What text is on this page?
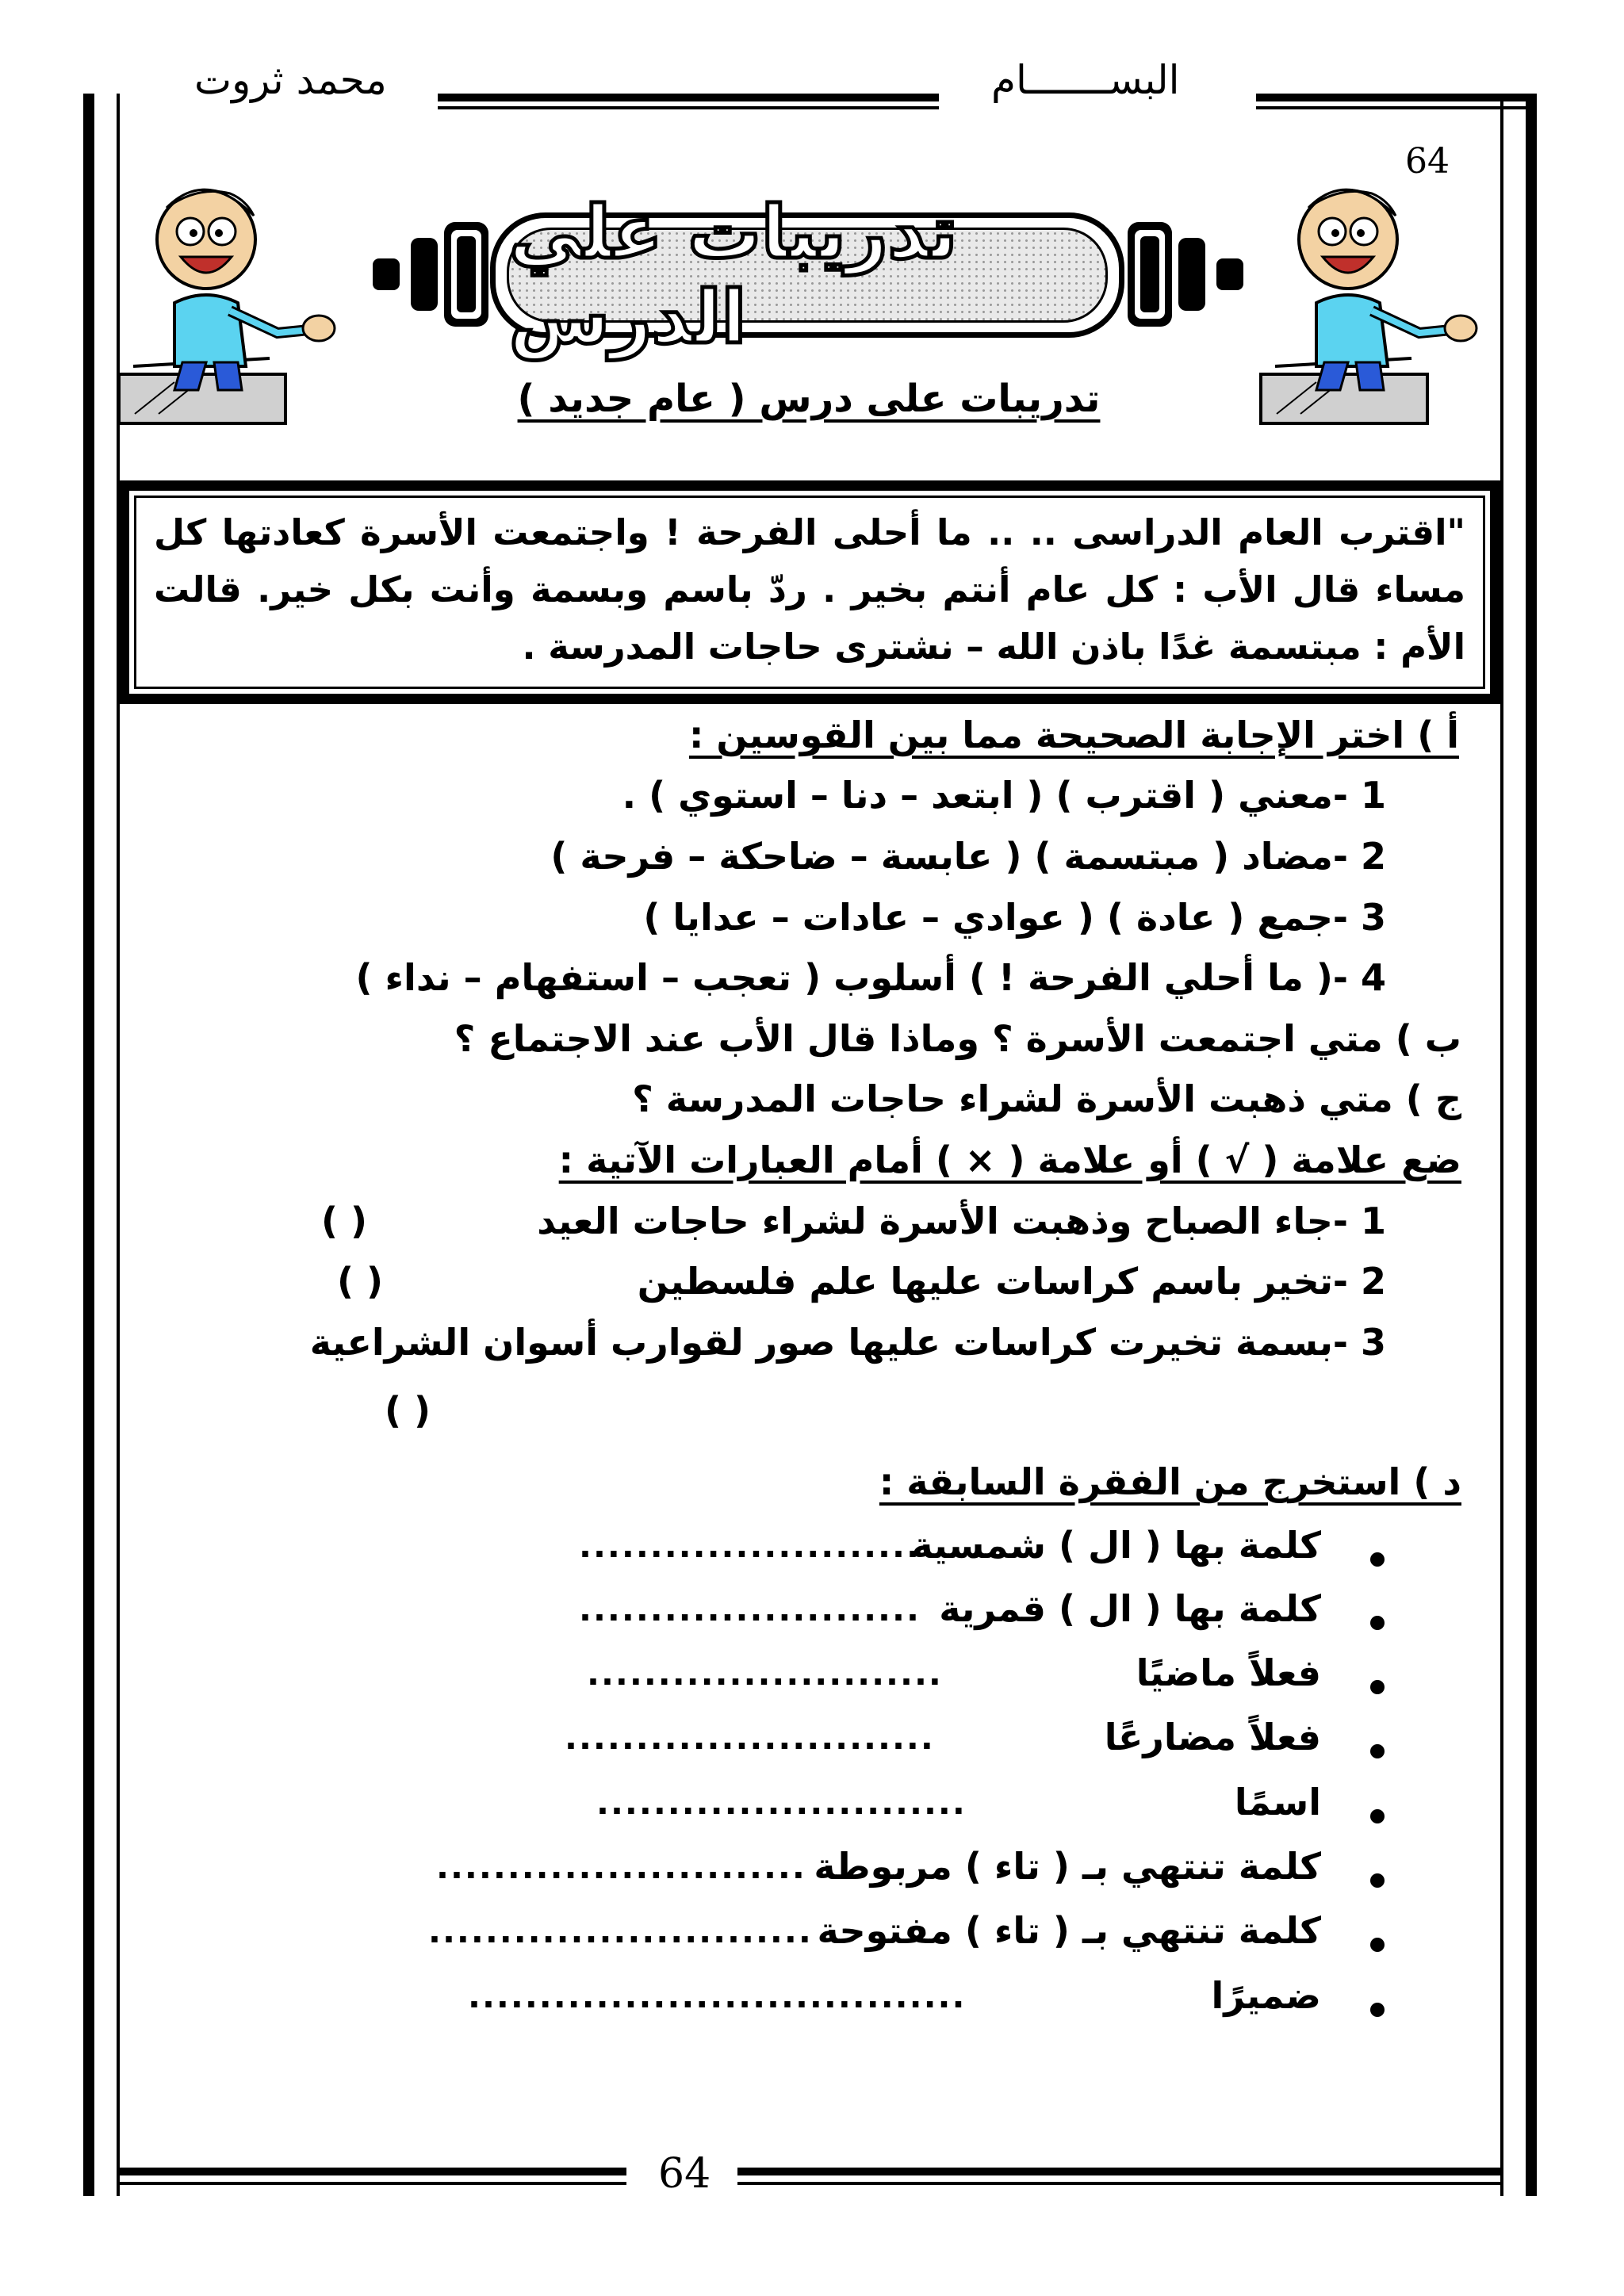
محمد ثروت	البســـــــام
64
تدريبات علي الدرس
تدريبات على درس ( عام جديد )
"اقترب العام الدراسى .. .. ما أحلى الفرحة ! واجتمعت الأسرة كعادتها كل مساء قال الأب : كل عام أنتم بخير . ردّ باسم وبسمة وأنت بكل خير. قالت الأم : مبتسمة غدًا باذن الله – نشترى حاجات المدرسة .
أ ) اختر الإجابة الصحيحة مما بين القوسين :
1 -معني ( اقترب ) ( ابتعد – دنا – استوي ) .
2 -مضاد ( مبتسمة ) ( عابسة – ضاحكة – فرحة )
3 -جمع ( عادة ) ( عوادي – عادات – عدايا )
4 -( ما أحلي الفرحة ! ) أسلوب ( تعجب – استفهام – نداء )
ب ) متي اجتمعت الأسرة ؟ وماذا قال الأب عند الاجتماع ؟
ج ) متي ذهبت الأسرة لشراء حاجات المدرسة ؟
ضع علامة ( √ ) أو علامة ( × ) أمام العبارات الآتية :
1 -جاء الصباح وذهبت الأسرة لشراء حاجات العيد
( )
2 -تخير باسم كراسات عليها علم فلسطين
( )
3 -بسمة تخيرت كراسات عليها صور لقوارب أسوان الشراعية
( )
د ) استخرج من الفقرة السابقة :
كلمة بها ( ال ) شمسية
........................
كلمة بها ( ال ) قمرية
........................
فعلاً ماضيًا
.........................
فعلاً مضارعًا
..........................
اسمًا
..........................
كلمة تنتهي بـ ( تاء ) مربوطة
..........................
كلمة تنتهي بـ ( تاء ) مفتوحة
...........................
ضميرًا
...................................
64
